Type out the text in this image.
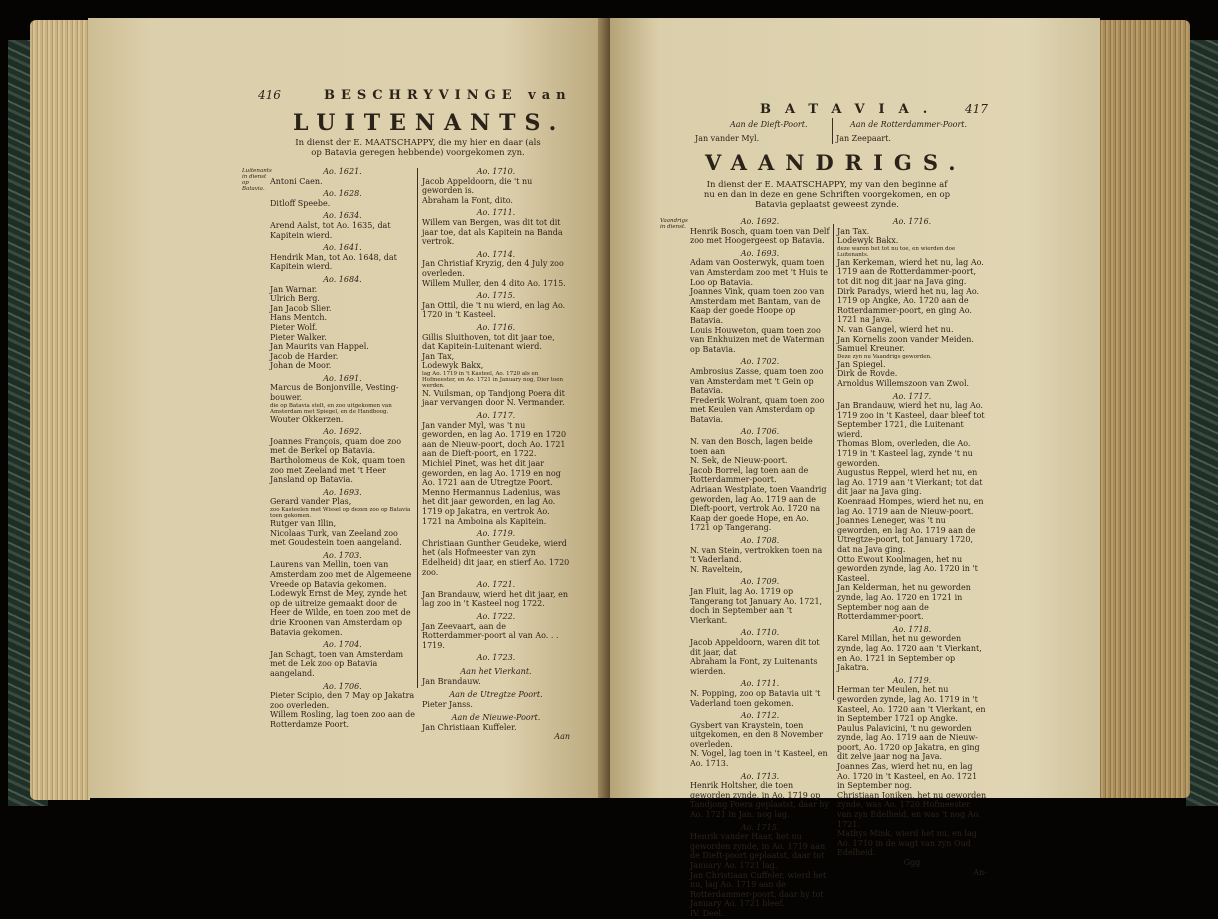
416	BESCHRYVINGE van
LUITENANTS.
In dienst der E. MAATSCHAPPY, die my hier en daar (als op Batavia geregen hebbende) voorgekomen zyn.
Luitenants in dienst op Batavia.

Ao. 1621.

Antoni Caen.

Ao. 1628.

Ditloff Speebe.

Ao. 1634.

Arend Aalst, tot Ao. 1635, dat Kapitein wierd.

Ao. 1641.

Hendrik Man, tot Ao. 1648, dat Kapitein wierd.

Ao. 1684.

Jan Warnar.

Ulrich Berg.

Jan Jacob Slier.

Hans Mentch.

Pieter Wolf.

Pieter Walker.

Jan Maurits van Happel.

Jacob de Harder.

Johan de Moor.

Ao. 1691.

Marcus de Bonjonville, Vesting-bouwer.

die op Batavia stelt, en zoo uitgekomen van Amsterdam met Spiegel, en de Handboog.

Wouter Okkerzen.

Ao. 1692.

Joannes François, quam doe zoo met de Berkel op Batavia.

Bartholomeus de Kok, quam toen zoo met Zeeland met 't Heer Jansland op Batavia.

Ao. 1693.

Gerard vander Plas,

zoo Kasteelen met Wissel op dezen zoo op Batavia toen gekomen.

Rutger van Illin,

Nicolaas Turk, van Zeeland zoo met Goudestein toen aangeland.

Ao. 1703.

Laurens van Mellin, toen van Amsterdam zoo met de Algemeene Vreede op Batavia gekomen.

Lodewyk Ernst de Mey, zynde het op de uitreize gemaakt door de Heer de Wilde, en toen zoo met de drie Kroonen van Amsterdam op Batavia gekomen.

Ao. 1704.

Jan Schagt, toen van Amsterdam met de Lek zoo op Batavia aangeland.

Ao. 1706.

Pieter Scipio, den 7 May op Jakatra zoo overleden.

Willem Rosling, lag toen zoo aan de Rotterdamze Poort.

Ao. 1710.

Jacob Appeldoorn, die 't nu geworden is.

Abraham la Font, dito.

Ao. 1711.

Willem van Bergen, was dit tot dit jaar toe, dat als Kapitein na Banda vertrok.

Ao. 1714.

Jan Christiaf Kryzig, den 4 July zoo overleden.

Willem Muller, den 4 dito Ao. 1715.

Ao. 1715.

Jan Ottil, die 't nu wierd, en lag Ao. 1720 in 't Kasteel.

Ao. 1716.

Gillis Sluithoven, tot dit jaar toe, dat Kapitein-Luitenant wierd.

Jan Tax,

Lodewyk Bakx,

lag Ao. 1719 in 't Kasteel, Ao. 1720 als en Hofmeester, en Ao. 1721 in January nog, Dier toen werden.

N. Vuilsman, op Tandjong Poera dit jaar vervangen door N. Vermander.

Ao. 1717.

Jan vander Myl, was 't nu geworden, en lag Ao. 1719 en 1720 aan de Nieuw-poort, doch Ao. 1721 aan de Dieft-poort, en 1722.

Michiel Pinet, was het dit jaar geworden, en lag Ao. 1719 en nog Ao. 1721 aan de Utregtze Poort.

Menno Hermannus Ladenius, was het dit jaar geworden, en lag Ao. 1719 op Jakatra, en vertrok Ao. 1721 na Amboina als Kapitein.

Ao. 1719.

Christiaan Gunther Geudeke, wierd het (als Hofmeester van zyn Edelheid) dit jaar, en stierf Ao. 1720 zoo.

Ao. 1721.

Jan Brandauw, wierd het dit jaar, en lag zoo in 't Kasteel nog 1722.

Ao. 1722.

Jan Zeevaart, aan de Rotterdammer-poort al van Ao. . . 1719.

Ao. 1723.

Aan het Vierkant.

Jan Brandauw.

Aan de Utregtze Poort.

Pieter Janss.

Aan de Nieuwe-Poort.

Jan Christiaan Kuffeler.

Aan

BATAVIA. 417
Aan de Dieft-Poort.	Aan de Rotterdammer-Poort.
Jan vander Myl.	Jan Zeepaart.
VAANDRIGS.
In dienst der E. MAATSCHAPPY, my van den beginne af nu en dan in deze en gene Schriften voorgekomen, en op Batavia geplaatst geweest zynde.
Vaandrigs in dienst.

Ao. 1692.

Henrik Bosch, quam toen van Delf zoo met Hoogergeest op Batavia.

Ao. 1693.

Adam van Oosterwyk, quam toen van Amsterdam zoo met 't Huis te Loo op Batavia.

Joannes Vink, quam toen zoo van Amsterdam met Bantam, van de Kaap der goede Hoope op Batavia.

Louis Houweton, quam toen zoo van Enkhuizen met de Waterman op Batavia.

Ao. 1702.

Ambrosius Zasse, quam toen zoo van Amsterdam met 't Gein op Batavia.

Frederik Wolrant, quam toen zoo met Keulen van Amsterdam op Batavia.

Ao. 1706.

N. van den Bosch, lagen beide toen aan

N. Sek, de Nieuw-poort.

Jacob Borrel, lag toen aan de Rotterdammer-poort.

Adriaan Westplate, toen Vaandrig geworden, lag Ao. 1719 aan de Dieft-poort, vertrok Ao. 1720 na Kaap der goede Hope, en Ao. 1721 op Tangerang.

Ao. 1708.

N. van Stein, vertrokken toen na 't Vaderland.

N. Raveltein,

Ao. 1709.

Jan Fluit, lag Ao. 1719 op Tangerang tot January Ao. 1721, doch in September aan 't Vierkant.

Ao. 1710.

Jacob Appeldoorn, waren dit tot dit jaar, dat

Abraham la Font, zy Luitenants wierden.

Ao. 1711.

N. Popping, zoo op Batavia uit 't Vaderland toen gekomen.

Ao. 1712.

Gysbert van Kraystein, toen uitgekomen, en den 8 November overleden.

N. Vogel, lag toen in 't Kasteel, en Ao. 1713.

Ao. 1713.

Henrik Holtsher, die toen geworden zynde, in Ao. 1719 op Tandjong Poera geplaatst, daar hy Ao. 1721 in Jan. nog lag.

Ao. 1715.

Henrik vander Haar, het nu geworden zynde, in Ao. 1719 aan de Dieft-poort geplaatst, daar tot January Ao. 1721 lag.

Jan Christiaan Cuffeler, wierd het nu, lag Ao. 1719 aan de Rotterdammer-poort, daar hy tot January Ao. 1721 bleef.

IV. Deel.

Ao. 1716.

Jan Tax.

Lodewyk Bakx.

deze waren het tot nu toe, en wierden doe Luitenants.

Jan Kerkeman, wierd het nu, lag Ao. 1719 aan de Rotterdammer-poort, tot dit nog dit jaar na Java ging.

Dirk Paradys, wierd het nu, lag Ao. 1719 op Angke, Ao. 1720 aan de Rotterdammer-poort, en ging Ao. 1721 na Java.

N. van Gangel, wierd het nu.

Jan Kornelis zoon vander Meiden.

Samuel Kreuner.

Deze zyn nu Vaandrigs geworden.

Jan Spiegel.

Dirk de Rovde.

Arnoldus Willemszoon van Zwol.

Ao. 1717.

Jan Brandauw, wierd het nu, lag Ao. 1719 zoo in 't Kasteel, daar bleef tot September 1721, die Luitenant wierd.

Thomas Blom, overleden, die Ao. 1719 in 't Kasteel lag, zynde 't nu geworden.

Augustus Reppel, wierd het nu, en lag Ao. 1719 aan 't Vierkant; tot dat dit jaar na Java ging.

Koenraad Hompes, wierd het nu, en lag Ao. 1719 aan de Nieuw-poort.

Joannes Leneger, was 't nu geworden, en lag Ao. 1719 aan de Utregtze-poort, tot January 1720, dat na Java ging.

Otto Ewout Koolmagen, het nu geworden zynde, lag Ao. 1720 in 't Kasteel.

Jan Kelderman, het nu geworden zynde, lag Ao. 1720 en 1721 in September nog aan de Rotterdammer-poort.

Ao. 1718.

Karel Millan, het nu geworden zynde, lag Ao. 1720 aan 't Vierkant, en Ao. 1721 in September op Jakatra.

Ao. 1719.

Herman ter Meulen, het nu geworden zynde, lag Ao. 1719 in 't Kasteel, Ao. 1720 aan 't Vierkant, en in September 1721 op Angke.

Paulus Palavicini, 't nu geworden zynde, lag Ao. 1719 aan de Nieuw-poort, Ao. 1720 op Jakatra, en ging dit zelve jaar nog na Java.

Joannes Zas, wierd het nu, en lag Ao. 1720 in 't Kasteel, en Ao. 1721 in September nog.

Christiaan Joniken, het nu geworden zynde, was Ao. 1720 Hofmeester van zyn Edelheid, en was 't nog Ao. 1721.

Mathys Mink, wierd het nu, en lag Ao. 1710 in de wagt van zyn Oud Edelheid.

Ggg

An-
